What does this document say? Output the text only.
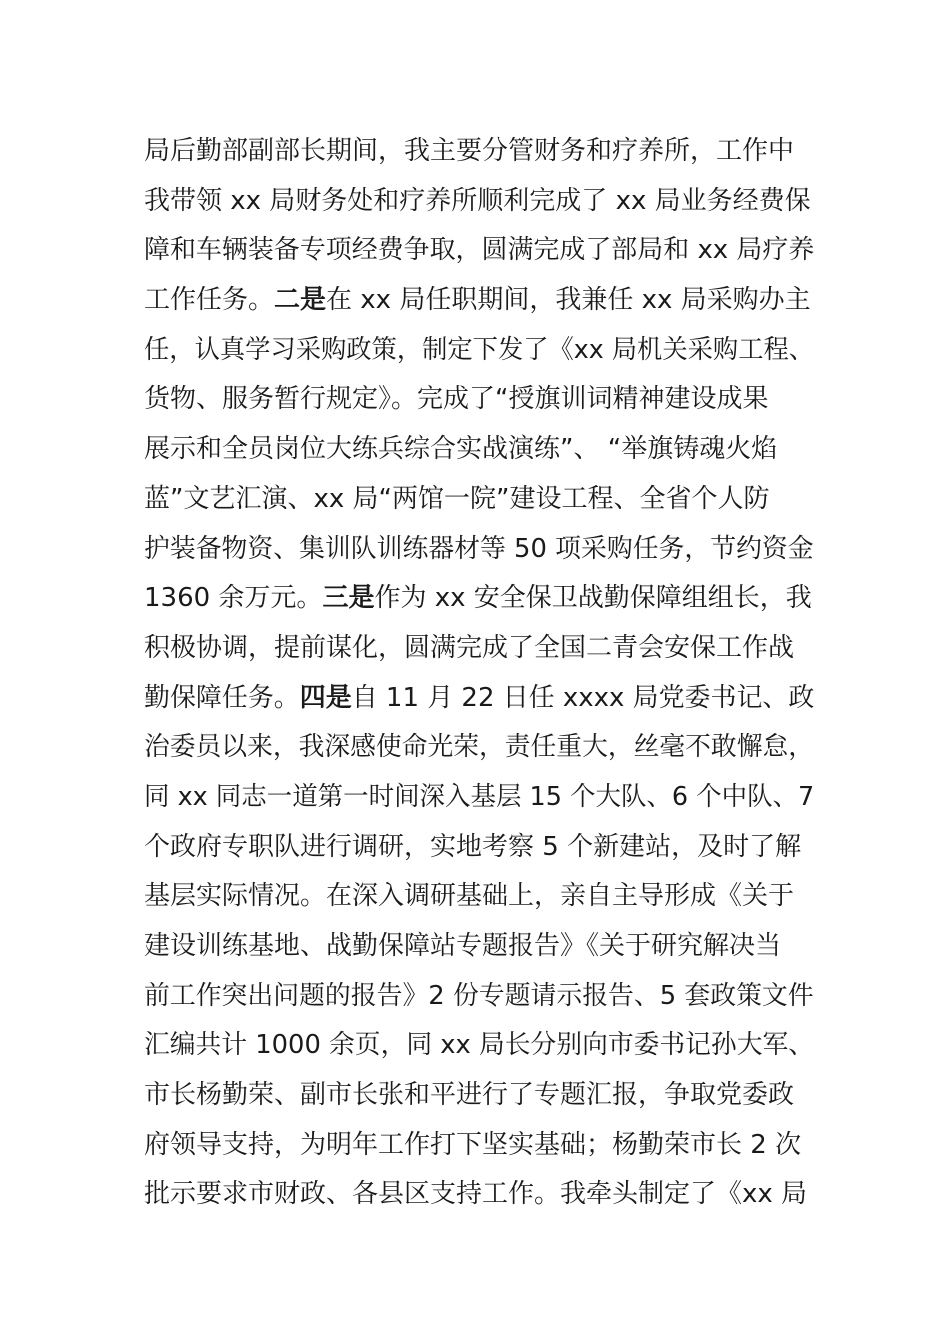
局后勤部副部长期间，我主要分管财务和疗养所，工作中
我带领 xx 局财务处和疗养所顺利完成了 xx 局业务经费保
障和车辆装备专项经费争取，圆满完成了部局和 xx 局疗养
工作任务。二是在 xx 局任职期间，我兼任 xx 局采购办主
任，认真学习采购政策，制定下发了《xx 局机关采购工程、
货物、服务暂行规定》。完成了“授旗训词精神建设成果
展示和全员岗位大练兵综合实战演练”、 “举旗铸魂火焰
蓝”文艺汇演、xx 局“两馆一院”建设工程、全省个人防
护装备物资、集训队训练器材等 50 项采购任务，节约资金
1360 余万元。三是作为 xx 安全保卫战勤保障组组长，我
积极协调，提前谋化，圆满完成了全国二青会安保工作战
勤保障任务。四是自 11 月 22 日任 xxxx 局党委书记、政
治委员以来，我深感使命光荣，责任重大，丝毫不敢懈怠，
同 xx 同志一道第一时间深入基层 15 个大队、6 个中队、7
个政府专职队进行调研，实地考察 5 个新建站，及时了解
基层实际情况。在深入调研基础上，亲自主导形成《关于
建设训练基地、战勤保障站专题报告》《关于研究解决当
前工作突出问题的报告》2 份专题请示报告、5 套政策文件
汇编共计 1000 余页，同 xx 局长分别向市委书记孙大军、
市长杨勤荣、副市长张和平进行了专题汇报，争取党委政
府领导支持，为明年工作打下坚实基础；杨勤荣市长 2 次
批示要求市财政、各县区支持工作。我牵头制定了《xx 局
